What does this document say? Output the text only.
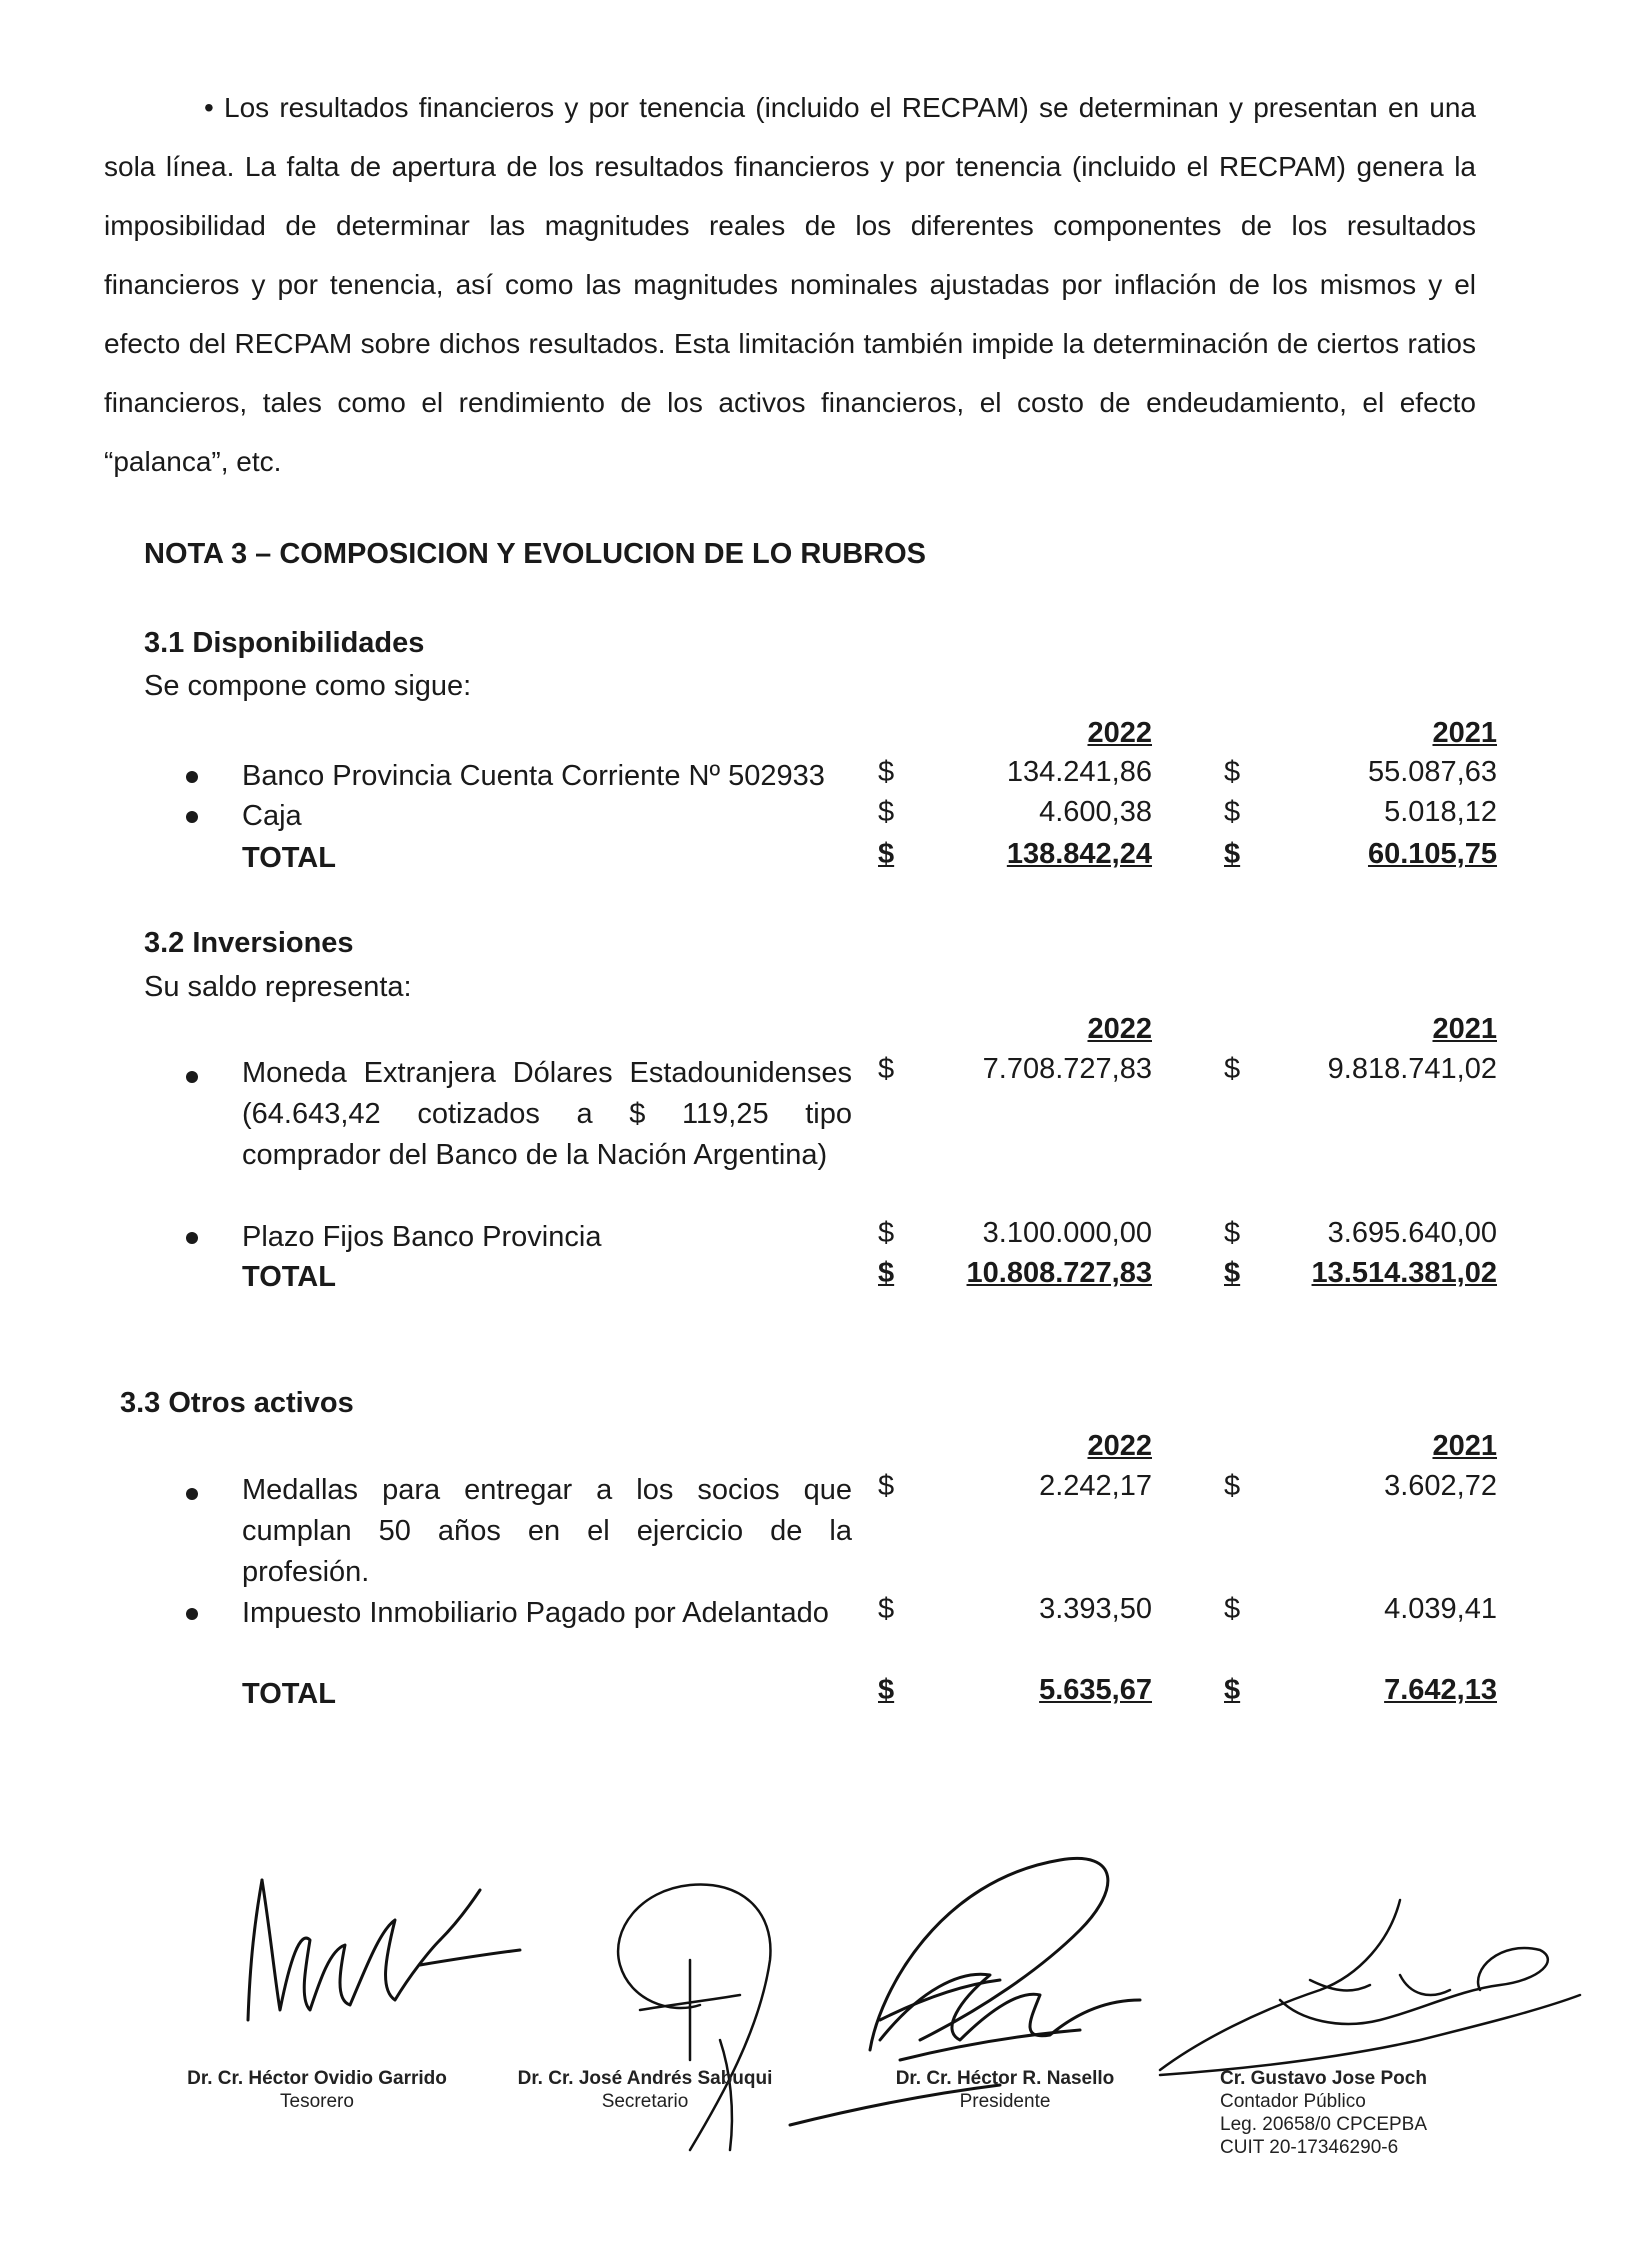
• Los resultados financieros y por tenencia (incluido el RECPAM) se determinan y presentan en una sola línea. La falta de apertura de los resultados financieros y por tenencia (incluido el RECPAM) genera la imposibilidad de determinar las magnitudes reales de los diferentes componentes de los resultados financieros y por tenencia, así como las magnitudes nominales ajustadas por inflación de los mismos y el efecto del RECPAM sobre dichos resultados. Esta limitación también impide la determinación de ciertos ratios financieros, tales como el rendimiento de los activos financieros, el costo de endeudamiento, el efecto “palanca”, etc.

NOTA 3 – COMPOSICION Y EVOLUCION DE LO RUBROS
3.1 Disponibilidades
Se compone como sigue:
2022	2021
Banco Provincia Cuenta Corriente Nº 502933	$	134.241,86 $	55.087,63
Caja	$	4.600,38 $	5.018,12
TOTAL	$	138.842,24 $	60.105,75
3.2 Inversiones
Su saldo representa:
2022	2021
Moneda Extranjera Dólares Estadounidenses (64.643,42 cotizados a $ 119,25 tipo comprador del Banco de la Nación Argentina)
$	7.708.727,83 $	9.818.741,02
Plazo Fijos Banco Provincia	$	3.100.000,00 $	3.695.640,00
TOTAL	$	10.808.727,83 $	13.514.381,02
3.3 Otros activos
2022	2021
Medallas para entregar a los socios que cumplan 50 años en el ejercicio de la profesión.
$	2.242,17 $	3.602,72
Impuesto Inmobiliario Pagado por Adelantado	$	3.393,50 $	4.039,41
TOTAL	$	5.635,67 $	7.642,13
Dr. Cr. Héctor Ovidio Garrido
Tesorero
Dr. Cr. José Andrés Sabuqui
Secretario
Dr. Cr. Héctor R. Nasello
Presidente
Cr. Gustavo Jose Poch
Contador Público
Leg. 20658/0 CPCEPBA
CUIT 20-17346290-6
